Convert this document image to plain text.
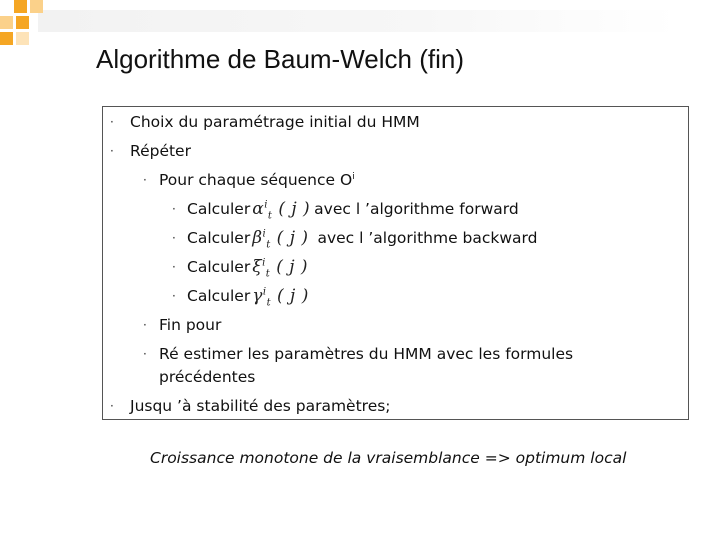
Algorithme de Baum-Welch (fin)
· Choix du paramétrage initial du HMM
· Répéter
· Pour chaque séquence $O^i$
· Calculer $\alpha^i_t$ ( j ) avec l ’algorithme forward
· Calculer $\beta^i_t$ ( j ) avec l ’algorithme backward
· Calculer $\xi^i_t$ ( j )
· Calculer $\gamma^i_t$ ( j )
· Fin pour
· Ré estimer les paramètres du HMM avec les formules
précédentes
· Jusqu ’à stabilité des paramètres;
Croissance monotone de la vraisemblance => optimum local
